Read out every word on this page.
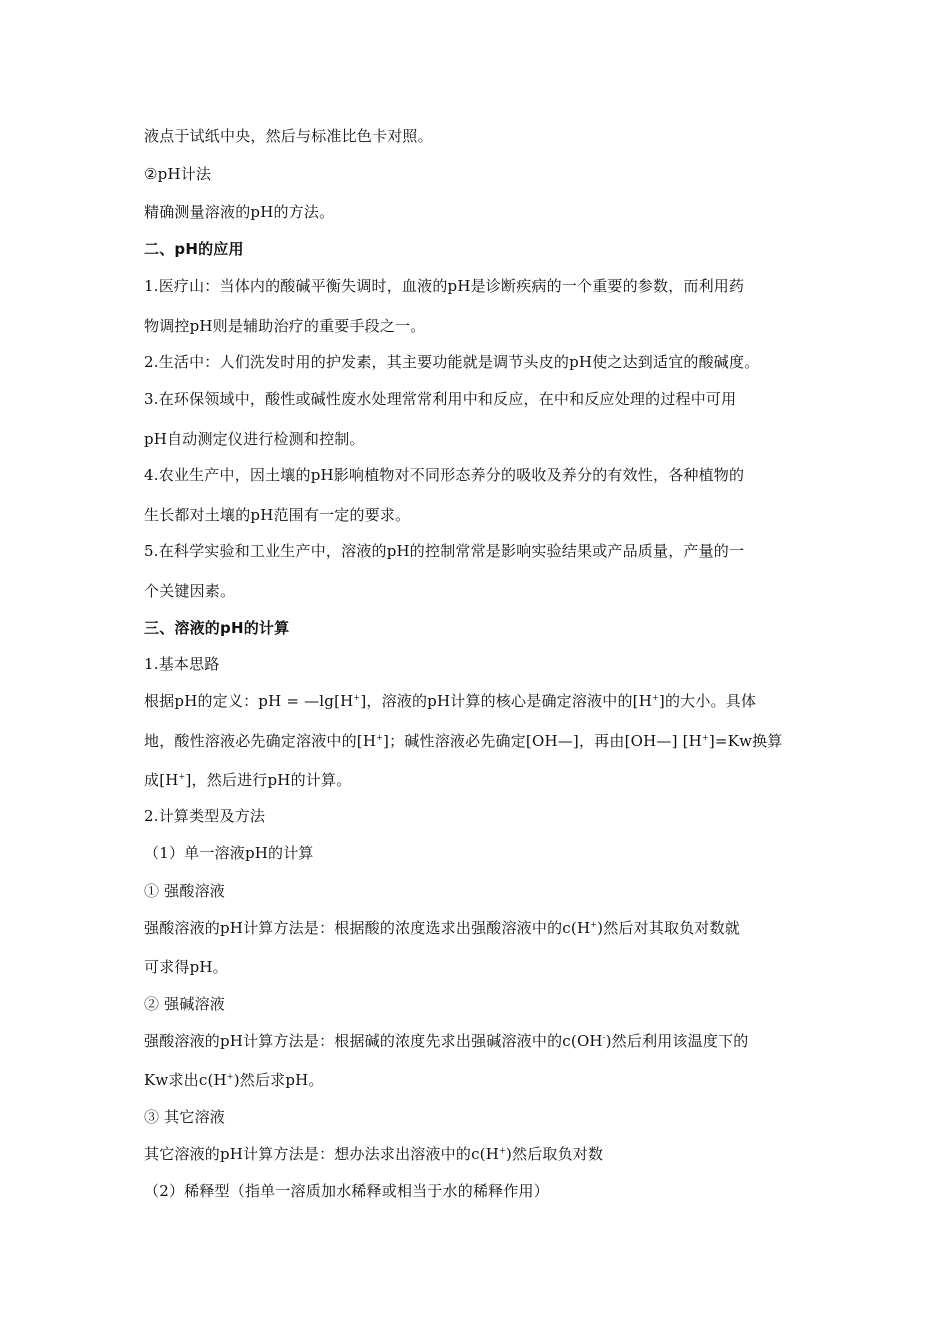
液点于试纸中央，然后与标准比色卡对照。
②pH计法
精确测量溶液的pH的方法。
二、pH的应用
1.医疗山：当体内的酸碱平衡失调时，血液的pH是诊断疾病的一个重要的参数，而利用药
物调控pH则是辅助治疗的重要手段之一。
2.生活中：人们洗发时用的护发素，其主要功能就是调节头皮的pH使之达到适宜的酸碱度。
3.在环保领域中，酸性或碱性废水处理常常利用中和反应，在中和反应处理的过程中可用
pH自动测定仪进行检测和控制。
4.农业生产中，因土壤的pH影响植物对不同形态养分的吸收及养分的有效性，各种植物的
生长都对土壤的pH范围有一定的要求。
5.在科学实验和工业生产中，溶液的pH的控制常常是影响实验结果或产品质量，产量的一
个关键因素。
三、溶液的pH的计算
1.基本思路
根据pH的定义：pH = —lg[H+]，溶液的pH计算的核心是确定溶液中的[H+]的大小。具体
地，酸性溶液必先确定溶液中的[H+]；碱性溶液必先确定[OH—]，再由[OH—] [H+]=Kw换算
成[H+]，然后进行pH的计算。
2.计算类型及方法
（1）单一溶液pH的计算
① 强酸溶液
强酸溶液的pH计算方法是：根据酸的浓度选求出强酸溶液中的c(H+)然后对其取负对数就
可求得pH。
② 强碱溶液
强酸溶液的pH计算方法是：根据碱的浓度先求出强碱溶液中的c(OH-)然后利用该温度下的
Kw求出c(H+)然后求pH。
③ 其它溶液
其它溶液的pH计算方法是：想办法求出溶液中的c(H+)然后取负对数
（2）稀释型（指单一溶质加水稀释或相当于水的稀释作用）
